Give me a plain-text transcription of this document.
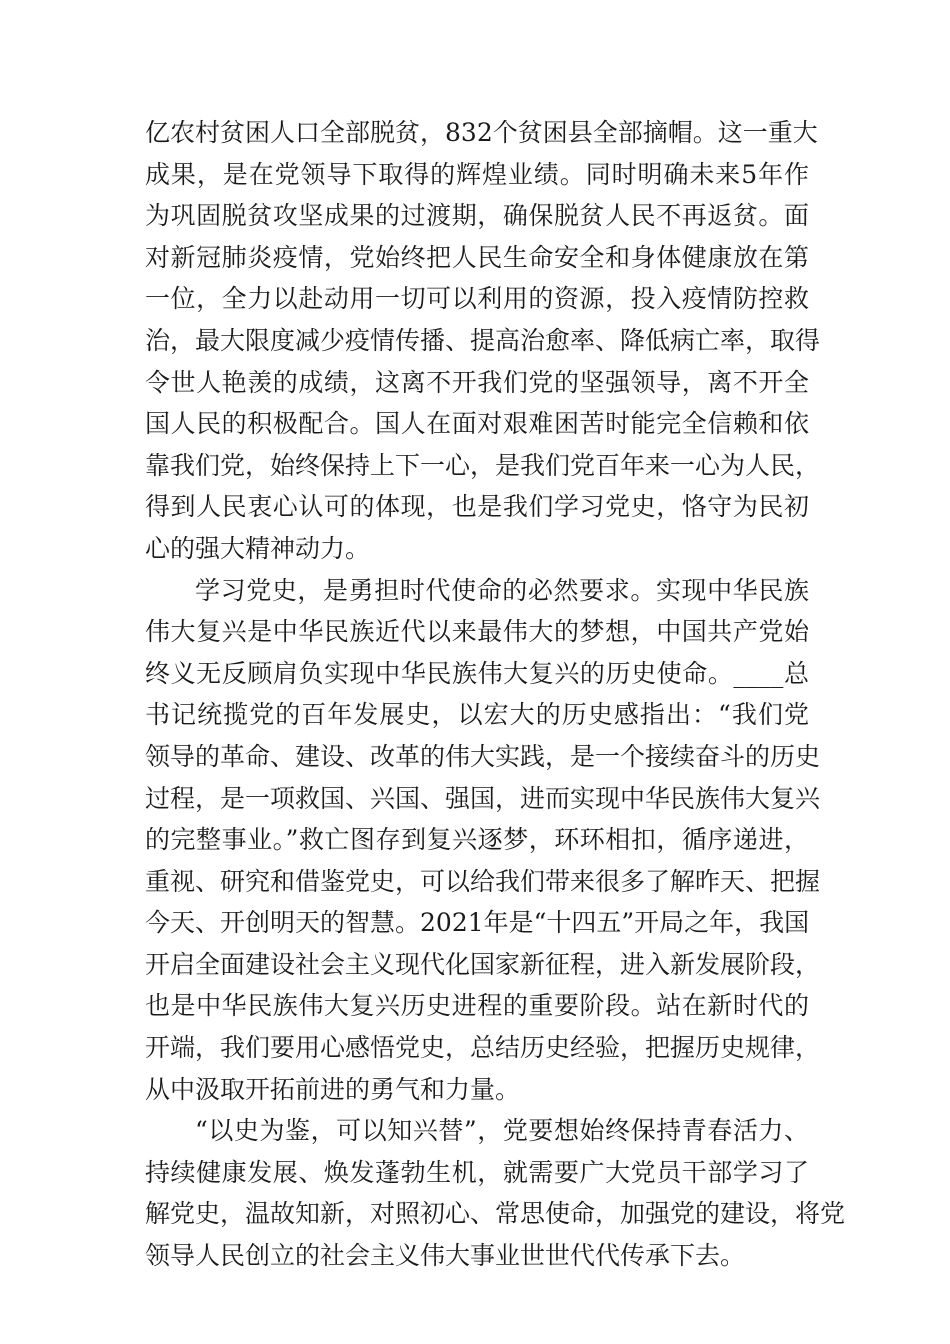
亿农村贫困人口全部脱贫，832个贫困县全部摘帽。这一重大
成果，是在党领导下取得的辉煌业绩。同时明确未来5年作
为巩固脱贫攻坚成果的过渡期，确保脱贫人民不再返贫。面
对新冠肺炎疫情，党始终把人民生命安全和身体健康放在第
一位，全力以赴动用一切可以利用的资源，投入疫情防控救
治，最大限度减少疫情传播、提高治愈率、降低病亡率，取得
令世人艳羡的成绩，这离不开我们党的坚强领导，离不开全
国人民的积极配合。国人在面对艰难困苦时能完全信赖和依
靠我们党，始终保持上下一心，是我们党百年来一心为人民，
得到人民衷心认可的体现，也是我们学习党史，恪守为民初
心的强大精神动力。
学习党史，是勇担时代使命的必然要求。实现中华民族
伟大复兴是中华民族近代以来最伟大的梦想，中国共产党始
终义无反顾肩负实现中华民族伟大复兴的历史使命。____总
书记统揽党的百年发展史，以宏大的历史感指出：“我们党
领导的革命、建设、改革的伟大实践，是一个接续奋斗的历史
过程，是一项救国、兴国、强国，进而实现中华民族伟大复兴
的完整事业。”救亡图存到复兴逐梦，环环相扣，循序递进，
重视、研究和借鉴党史，可以给我们带来很多了解昨天、把握
今天、开创明天的智慧。2021年是“十四五”开局之年，我国
开启全面建设社会主义现代化国家新征程，进入新发展阶段，
也是中华民族伟大复兴历史进程的重要阶段。站在新时代的
开端，我们要用心感悟党史，总结历史经验，把握历史规律，
从中汲取开拓前进的勇气和力量。
“以史为鉴，可以知兴替”，党要想始终保持青春活力、
持续健康发展、焕发蓬勃生机，就需要广大党员干部学习了
解党史，温故知新，对照初心、常思使命，加强党的建设，将党
领导人民创立的社会主义伟大事业世世代代传承下去。
